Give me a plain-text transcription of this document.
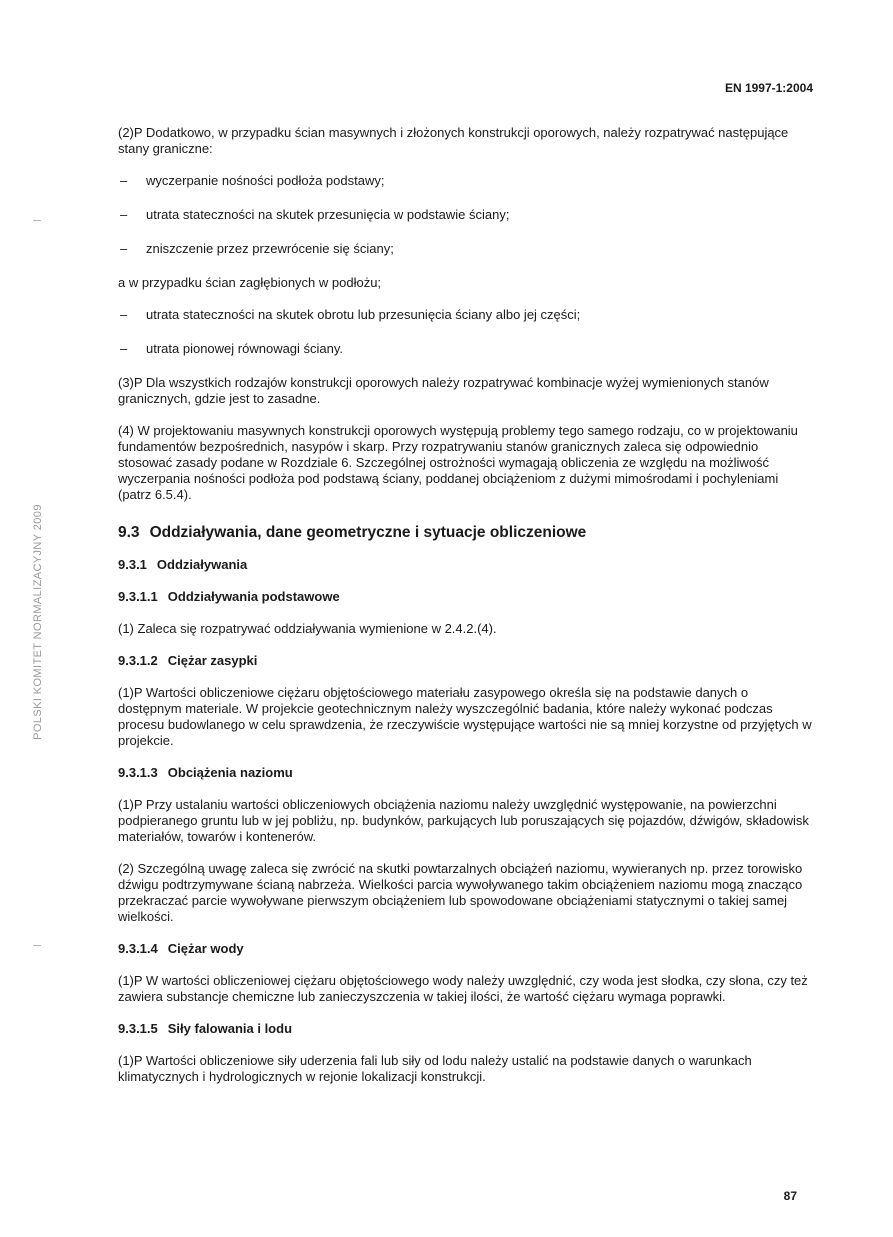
EN 1997-1:2004
POLSKI KOMITET NORMALIZACYJNY 2009

(2)P Dodatkowo, w przypadku ścian masywnych i złożonych konstrukcji oporowych, należy rozpatrywać następujące stany graniczne:

– wyczerpanie nośności podłoża podstawy;
– utrata stateczności na skutek przesunięcia w podstawie ściany;
– zniszczenie przez przewrócenie się ściany;

a w przypadku ścian zagłębionych w podłożu;

– utrata stateczności na skutek obrotu lub przesunięcia ściany albo jej części;
– utrata pionowej równowagi ściany.

(3)P Dla wszystkich rodzajów konstrukcji oporowych należy rozpatrywać kombinacje wyżej wymienionych stanów granicznych, gdzie jest to zasadne.

(4) W projektowaniu masywnych konstrukcji oporowych występują problemy tego samego rodzaju, co w projektowaniu fundamentów bezpośrednich, nasypów i skarp. Przy rozpatrywaniu stanów granicznych zaleca się odpowiednio stosować zasady podane w Rozdziale 6. Szczególnej ostrożności wymagają obliczenia ze względu na możliwość wyczerpania nośności podłoża pod podstawą ściany, poddanej obciążeniom z dużymi mimośrodami i pochyleniami (patrz 6.5.4).

9.3 Oddziaływania, dane geometryczne i sytuacje obliczeniowe
9.3.1 Oddziaływania
9.3.1.1 Oddziaływania podstawowe

(1) Zaleca się rozpatrywać oddziaływania wymienione w 2.4.2.(4).

9.3.1.2 Ciężar zasypki

(1)P Wartości obliczeniowe ciężaru objętościowego materiału zasypowego określa się na podstawie danych o dostępnym materiale. W projekcie geotechnicznym należy wyszczególnić badania, które należy wykonać podczas procesu budowlanego w celu sprawdzenia, że rzeczywiście występujące wartości nie są mniej korzystne od przyjętych w projekcie.

9.3.1.3 Obciążenia naziomu

(1)P Przy ustalaniu wartości obliczeniowych obciążenia naziomu należy uwzględnić występowanie, na powierzchni podpieranego gruntu lub w jej pobliżu, np. budynków, parkujących lub poruszających się pojazdów, dźwigów, składowisk materiałów, towarów i kontenerów.

(2) Szczególną uwagę zaleca się zwrócić na skutki powtarzalnych obciążeń naziomu, wywieranych np. przez torowisko dźwigu podtrzymywane ścianą nabrzeża. Wielkości parcia wywoływanego takim obciążeniem naziomu mogą znacząco przekraczać parcie wywoływane pierwszym obciążeniem lub spowodowane obciążeniami statycznymi o takiej samej wielkości.

9.3.1.4 Ciężar wody

(1)P W wartości obliczeniowej ciężaru objętościowego wody należy uwzględnić, czy woda jest słodka, czy słona, czy też zawiera substancje chemiczne lub zanieczyszczenia w takiej ilości, że wartość ciężaru wymaga poprawki.

9.3.1.5 Siły falowania i lodu

(1)P Wartości obliczeniowe siły uderzenia fali lub siły od lodu należy ustalić na podstawie danych o warunkach klimatycznych i hydrologicznych w rejonie lokalizacji konstrukcji.

87
